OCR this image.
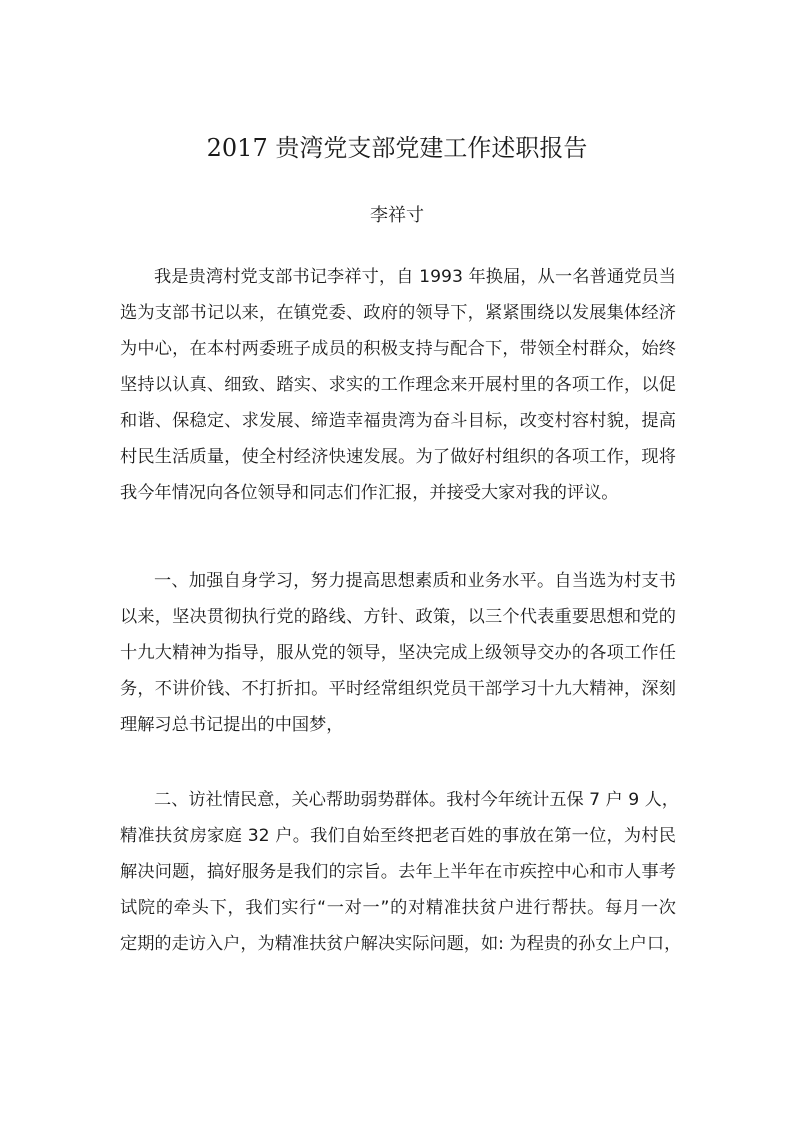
2017 贵湾党支部党建工作述职报告
李祥寸
我是贵湾村党支部书记李祥寸，自 1993 年换届，从一名普通党员当
选为支部书记以来，在镇党委、政府的领导下，紧紧围绕以发展集体经济
为中心，在本村两委班子成员的积极支持与配合下，带领全村群众，始终
坚持以认真、细致、踏实、求实的工作理念来开展村里的各项工作，以促
和谐、保稳定、求发展、缔造幸福贵湾为奋斗目标，改变村容村貌，提高
村民生活质量，使全村经济快速发展。为了做好村组织的各项工作，现将
我今年情况向各位领导和同志们作汇报，并接受大家对我的评议。
一、加强自身学习，努力提高思想素质和业务水平。自当选为村支书
以来，坚决贯彻执行党的路线、方针、政策，以三个代表重要思想和党的
十九大精神为指导，服从党的领导，坚决完成上级领导交办的各项工作任
务，不讲价钱、不打折扣。平时经常组织党员干部学习十九大精神，深刻
理解习总书记提出的中国梦，
二、访社情民意，关心帮助弱势群体。我村今年统计五保 7 户 9 人，
精准扶贫房家庭 32 户。我们自始至终把老百姓的事放在第一位，为村民
解决问题，搞好服务是我们的宗旨。去年上半年在市疾控中心和市人事考
试院的牵头下，我们实行“一对一”的对精准扶贫户进行帮扶。每月一次
定期的走访入户，为精准扶贫户解决实际问题，如: 为程贵的孙女上户口，
